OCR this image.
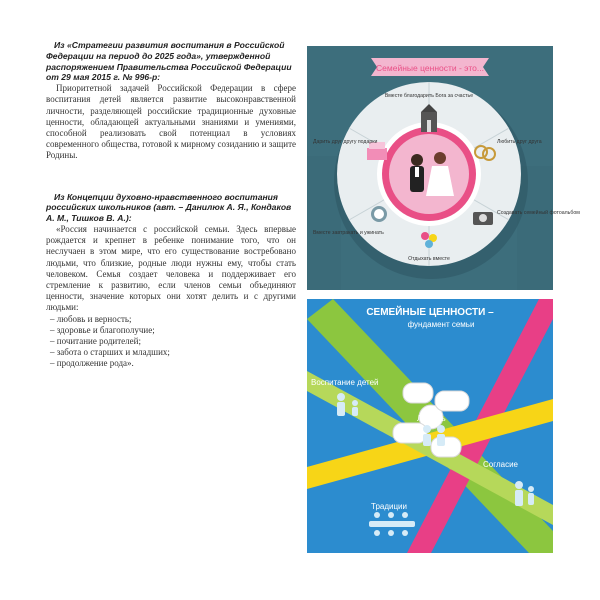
Из «Стратегии развития воспитания в Российской Федерации на период до 2025 года», утвержденной распоряжением Правительства Российской Федерации от 29 мая 2015 г. № 996-р:
Приоритетной задачей Российской Федерации в сфере воспитания детей является развитие высоконравственной личности, разделяющей российские традиционные духовные ценности, обладающей актуальными знаниями и умениями, способной реализовать свой потенциал в условиях современного общества, готовой к мирному созиданию и защите Родины.
Из Концепции духовно-нравственного воспитания российских школьников (авт. – Данилюк А. Я., Кондаков А. М., Тишков В. А.):
«Россия начинается с российской семьи. Здесь впервые рождается и крепнет в ребенке понимание того, что он неслучаен в этом мире, что его существование востребовано людьми, что близкие, родные люди нужны ему, чтобы стать человеком. Семья создает человека и поддерживает его стремление к развитию, если членов семьи объединяют ценности, значение которых они хотят делить и с другими людьми:
– любовь и верность;
– здоровье и благополучие;
– почитание родителей;
– забота о старших и младших;
– продолжение рода».
Семейные ценности - это...
Вместе благодарить Бога за счастье
Дарить друг другу подарки	Любить друг друга
Вместе завтракать и ужинать
Создавать семейный фотоальбом
Отдыхать вместе
СЕМЕЙНЫЕ ЦЕННОСТИ –
фундамент семьи
Воспитание детей
Любовь
Согласие
Традиции
